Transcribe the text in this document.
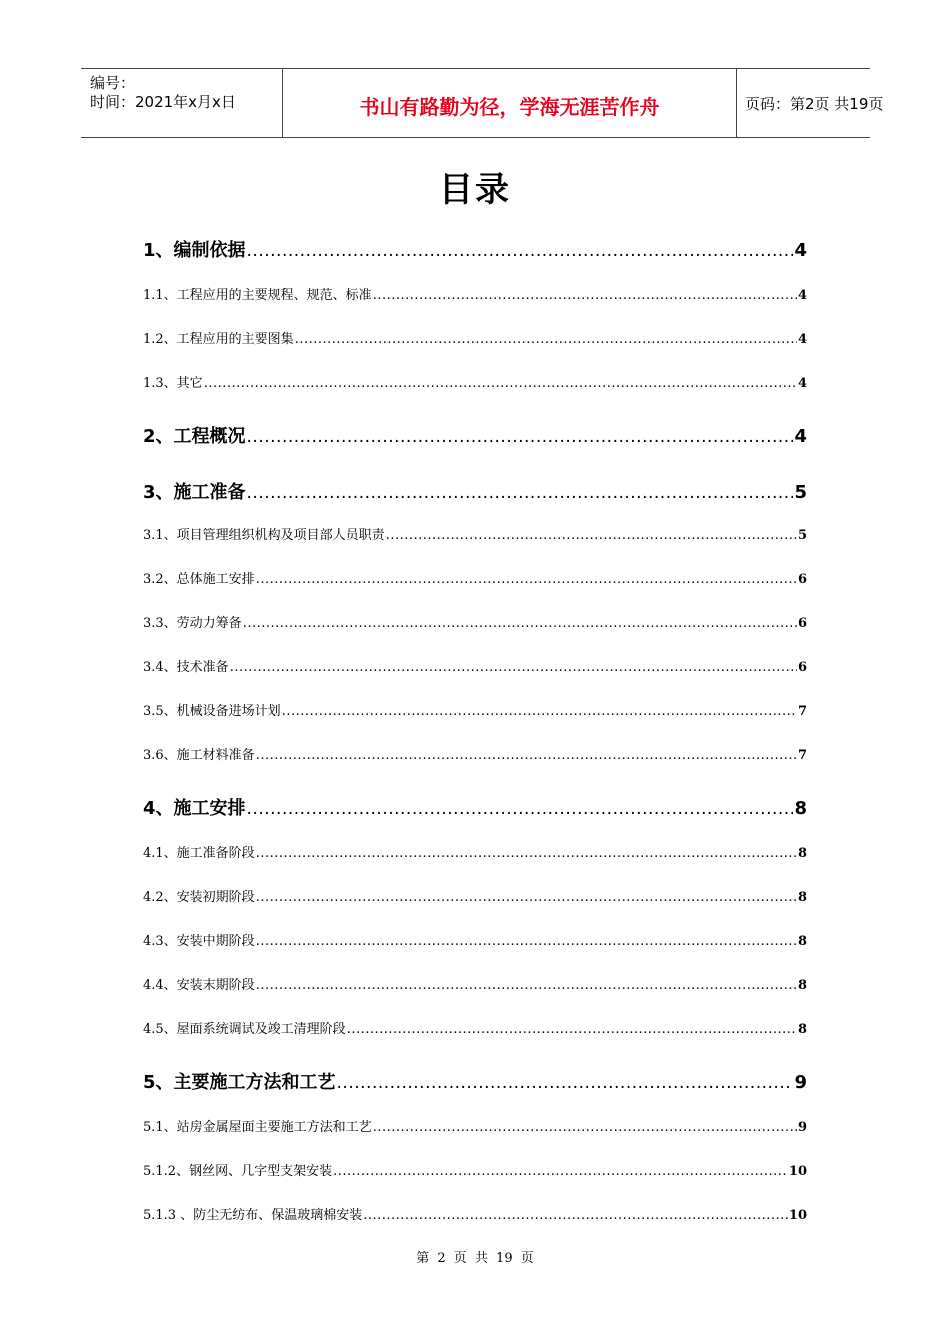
编号：
时间：2021年x月x日	书山有路勤为径，学海无涯苦作舟	页码：第2页 共19页
目录
1、编制依据 .....	4
1.1、工程应用的主要规程、规范、标准 .....	4
1.2、工程应用的主要图集 .....	4
1.3、其它 .....	4
2、工程概况 .....	4
3、施工准备 .....	5
3.1、项目管理组织机构及项目部人员职责 .....	5
3.2、总体施工安排 .....	6
3.3、劳动力筹备 .....	6
3.4、技术准备 .....	6
3.5、机械设备进场计划 .....	7
3.6、施工材料准备 .....	7
4、施工安排 .....	8
4.1、施工准备阶段 .....	8
4.2、安装初期阶段 .....	8
4.3、安装中期阶段 .....	8
4.4、安装末期阶段 .....	8
4.5、屋面系统调试及竣工清理阶段 .....	8
5、主要施工方法和工艺 .....	9
5.1、站房金属屋面主要施工方法和工艺 .....	9
5.1.2、钢丝网、几字型支架安装 .....	10
5.1.3 、防尘无纺布、保温玻璃棉安装 .....	10
第 2 页 共 19 页
